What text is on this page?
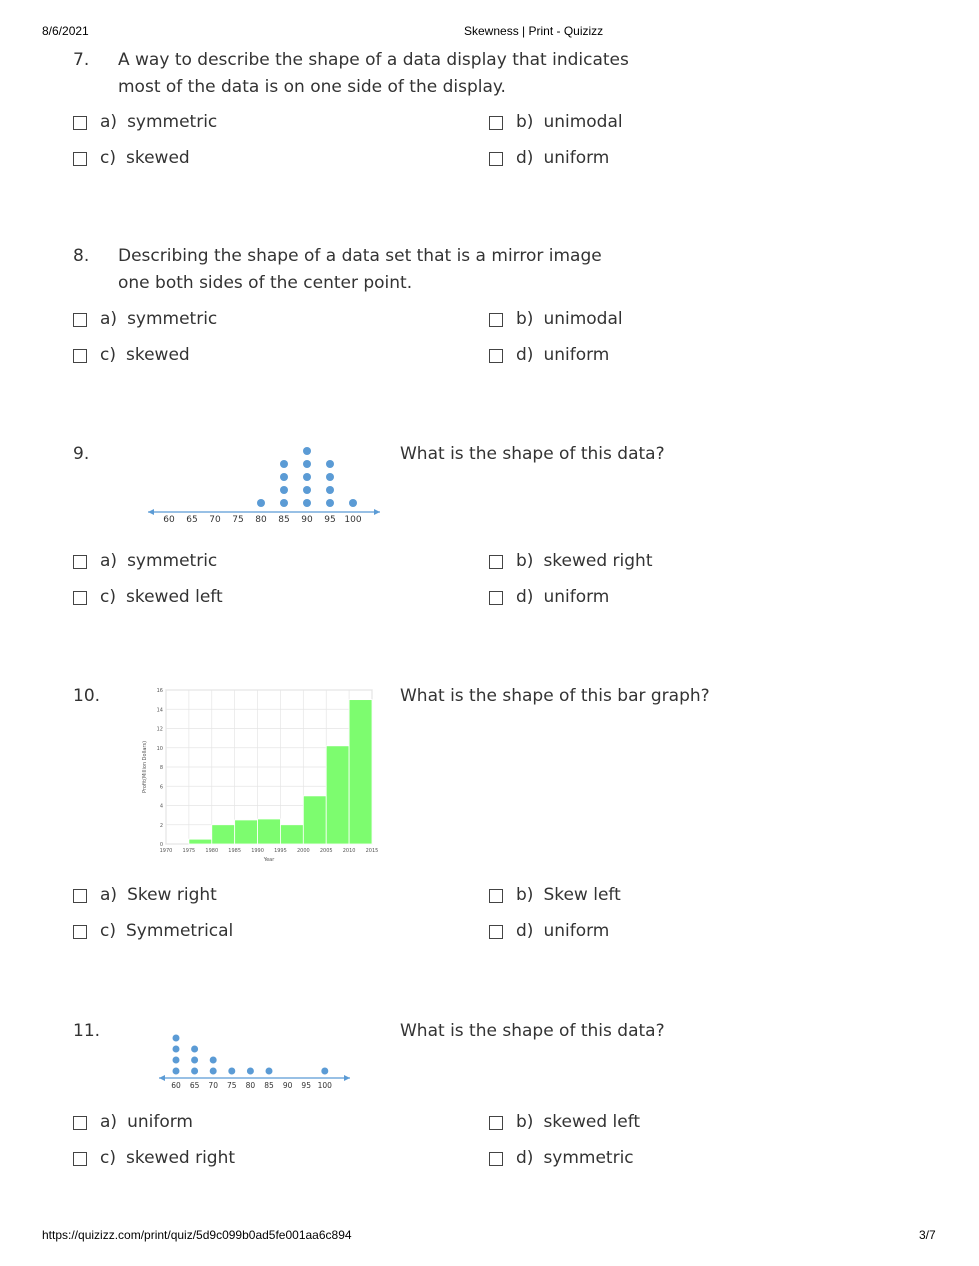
8/6/2021	Skewness | Print - Quizizz
https://quizizz.com/print/quiz/5d9c099b0ad5fe001aa6c894	3/7
7. A way to describe the shape of a data display that indicates most of the data is on one side of the display.
a) symmetric	b) unimodal
c) skewed	d) uniform
8. Describing the shape of a data set that is a mirror image one both sides of the center point.
a) symmetric	b) unimodal
c) skewed	d) uniform
9.
60 65 70 75 80 85 90 95 100
What is the shape of this data?
a) symmetric	b) skewed right
c) skewed left	d) uniform
10.
1970 1975 1980 1985 1990 1995 2000 2005 2010 2015
0
2
4
6
8
10
12
14
16
Year
Profit(Million Dollars)
What is the shape of this bar graph?
a) Skew right	b) Skew left
c) Symmetrical	d) uniform
11.
60 65 70 75 80 85 90 95 100
What is the shape of this data?
a) uniform	b) skewed left
c) skewed right	d) symmetric
